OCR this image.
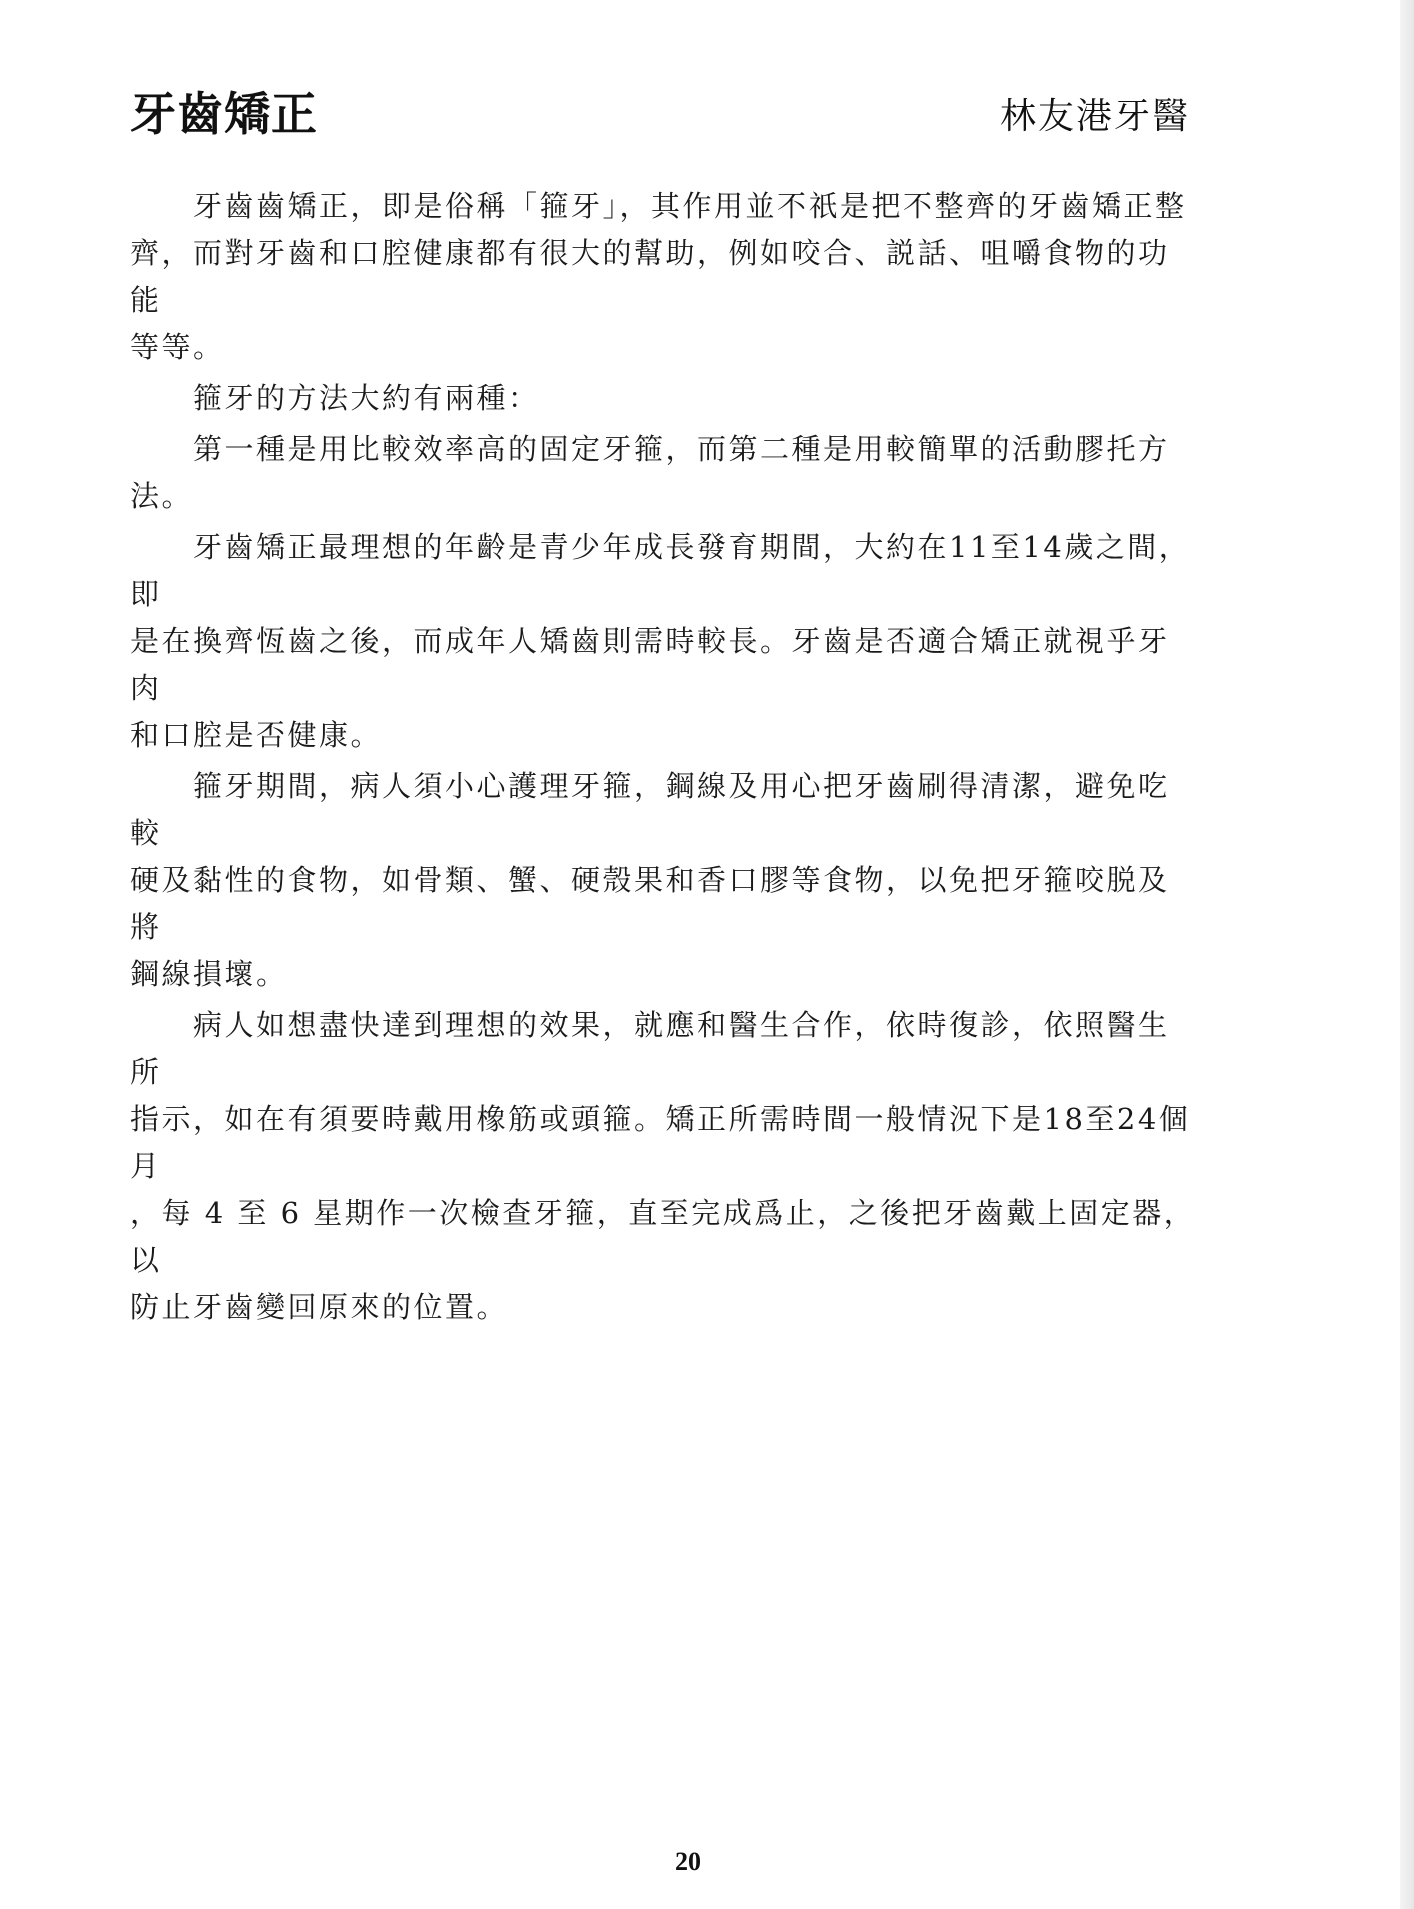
牙齒矯正	林友港牙醫

　　牙齒齒矯正，即是俗稱「箍牙」，其作用並不祇是把不整齊的牙齒矯正整
齊，而對牙齒和口腔健康都有很大的幫助，例如咬合、説話、咀嚼食物的功能
等等。

　　箍牙的方法大約有兩種：

　　第一種是用比較效率高的固定牙箍，而第二種是用較簡單的活動膠托方法。

　　牙齒矯正最理想的年齡是青少年成長發育期間，大約在11至14歲之間，即
是在換齊恆齒之後，而成年人矯齒則需時較長。牙齒是否適合矯正就視乎牙肉
和口腔是否健康。

　　箍牙期間，病人須小心護理牙箍，鋼線及用心把牙齒刷得清潔，避免吃較
硬及黏性的食物，如骨類、蟹、硬殼果和香口膠等食物，以免把牙箍咬脱及將
鋼線損壞。

　　病人如想盡快達到理想的效果，就應和醫生合作，依時復診，依照醫生所
指示，如在有須要時戴用橡筋或頭箍。矯正所需時間一般情況下是18至24個月
，每 4 至 6 星期作一次檢查牙箍，直至完成爲止，之後把牙齒戴上固定器，以
防止牙齒變回原來的位置。

20
